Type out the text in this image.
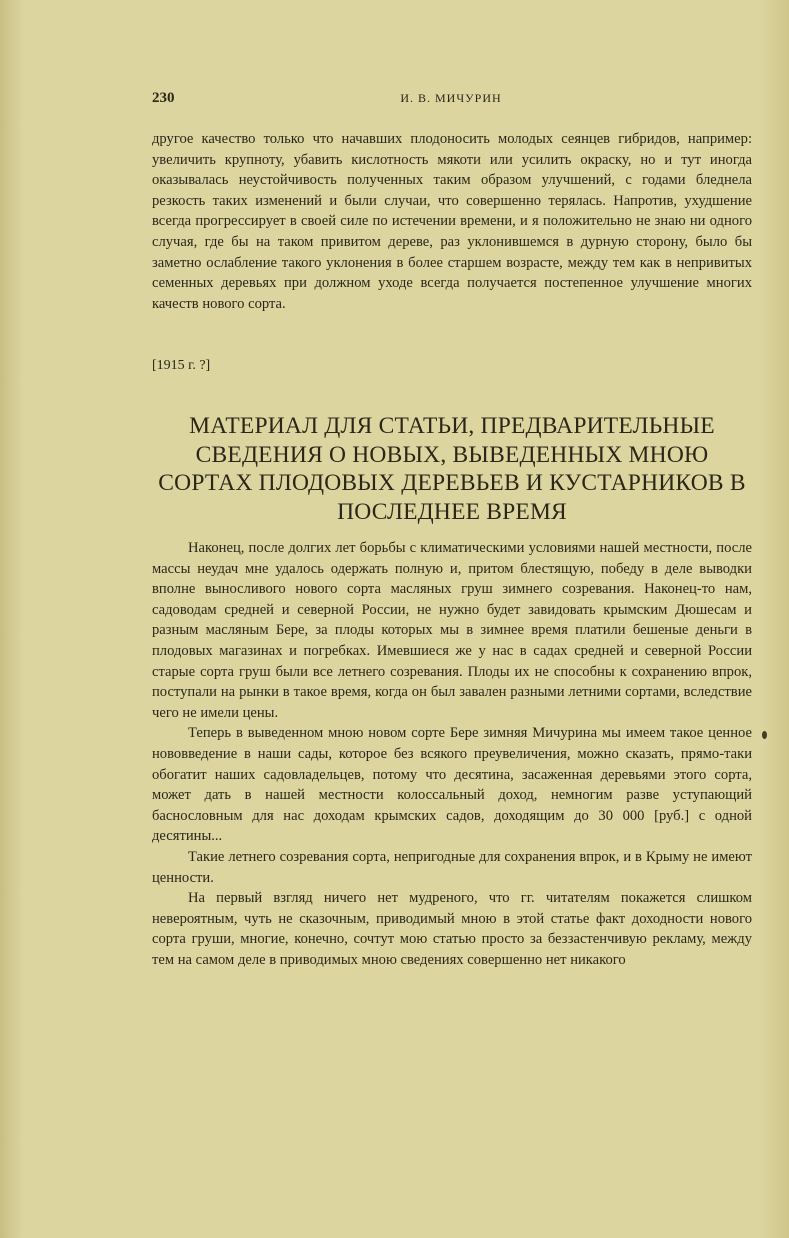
230	И. В. МИЧУРИН

другое качество только что начавших плодоносить молодых сеянцев гибридов, например: увеличить крупноту, убавить кислотность мякоти или усилить окраску, но и тут иногда оказывалась неустойчивость полученных таким образом улучшений, с годами бледнела резкость таких изменений и были случаи, что совершенно терялась. Напротив, ухудшение всегда прогрессирует в своей силе по истечении времени, и я положительно не знаю ни одного случая, где бы на таком привитом дереве, раз уклонившемся в дурную сторону, было бы заметно ослабление такого уклонения в более старшем возрасте, между тем как в непривитых семенных деревьях при должном уходе всегда получается постепенное улучшение многих качеств нового сорта.

[1915 г. ?]
МАТЕРИАЛ ДЛЯ СТАТЬИ, ПРЕДВАРИТЕЛЬНЫЕ СВЕДЕНИЯ О НОВЫХ, ВЫВЕДЕННЫХ МНОЮ СОРТАХ ПЛОДОВЫХ ДЕРЕВЬЕВ И КУСТАРНИКОВ В ПОСЛЕДНЕЕ ВРЕМЯ

Наконец, после долгих лет борьбы с климатическими условиями нашей местности, после массы неудач мне удалось одержать полную и, притом блестящую, победу в деле выводки вполне выносливого нового сорта масляных груш зимнего созревания. Наконец-то нам, садоводам средней и северной России, не нужно будет завидовать крымским Дюшесам и разным масляным Бере, за плоды которых мы в зимнее время платили бешеные деньги в плодовых магазинах и погребках. Имевшиеся же у нас в садах средней и северной России старые сорта груш были все летнего созревания. Плоды их не способны к сохранению впрок, поступали на рынки в такое время, когда он был завален разными летними сортами, вследствие чего не имели цены.

Теперь в выведенном мною новом сорте Бере зимняя Мичурина мы имеем такое ценное нововведение в наши сады, которое без всякого преувеличения, можно сказать, прямо-таки обогатит наших садовладельцев, потому что десятина, засаженная деревьями этого сорта, может дать в нашей местности колоссальный доход, немногим разве уступающий баснословным для нас доходам крымских садов, доходящим до 30 000 [руб.] с одной десятины...

Такие летнего созревания сорта, непригодные для сохранения впрок, и в Крыму не имеют ценности.

На первый взгляд ничего нет мудреного, что гг. читателям покажется слишком невероятным, чуть не сказочным, приводимый мною в этой статье факт доходности нового сорта груши, многие, конечно, сочтут мою статью просто за беззастенчивую рекламу, между тем на самом деле в приводимых мною сведениях совершенно нет никакого
